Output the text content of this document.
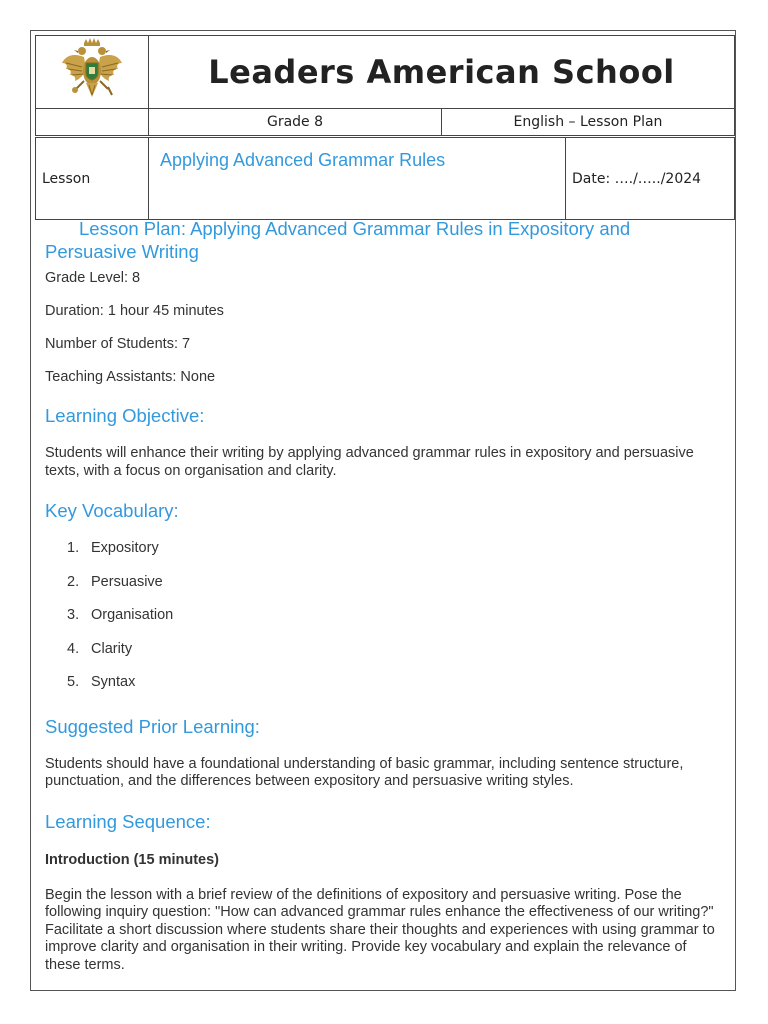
	Leaders American School	
	Grade 8	English – Lesson Plan
Lesson	Applying Advanced Grammar Rules	Date: …./…../2024
Lesson Plan: Applying Advanced Grammar Rules in Expository and Persuasive Writing

Grade Level: 8

Duration: 1 hour 45 minutes

Number of Students: 7

Teaching Assistants: None

Learning Objective:

Students will enhance their writing by applying advanced grammar rules in expository and persuasive texts, with a focus on organisation and clarity.

Key Vocabulary:
1. Expository
2. Persuasive
3. Organisation
4. Clarity
5. Syntax
Suggested Prior Learning:

Students should have a foundational understanding of basic grammar, including sentence structure, punctuation, and the differences between expository and persuasive writing styles.

Learning Sequence:

Introduction (15 minutes)

Begin the lesson with a brief review of the definitions of expository and persuasive writing. Pose the following inquiry question: "How can advanced grammar rules enhance the effectiveness of our writing?" Facilitate a short discussion where students share their thoughts and experiences with using grammar to improve clarity and organisation in their writing. Provide key vocabulary and explain the relevance of these terms.
